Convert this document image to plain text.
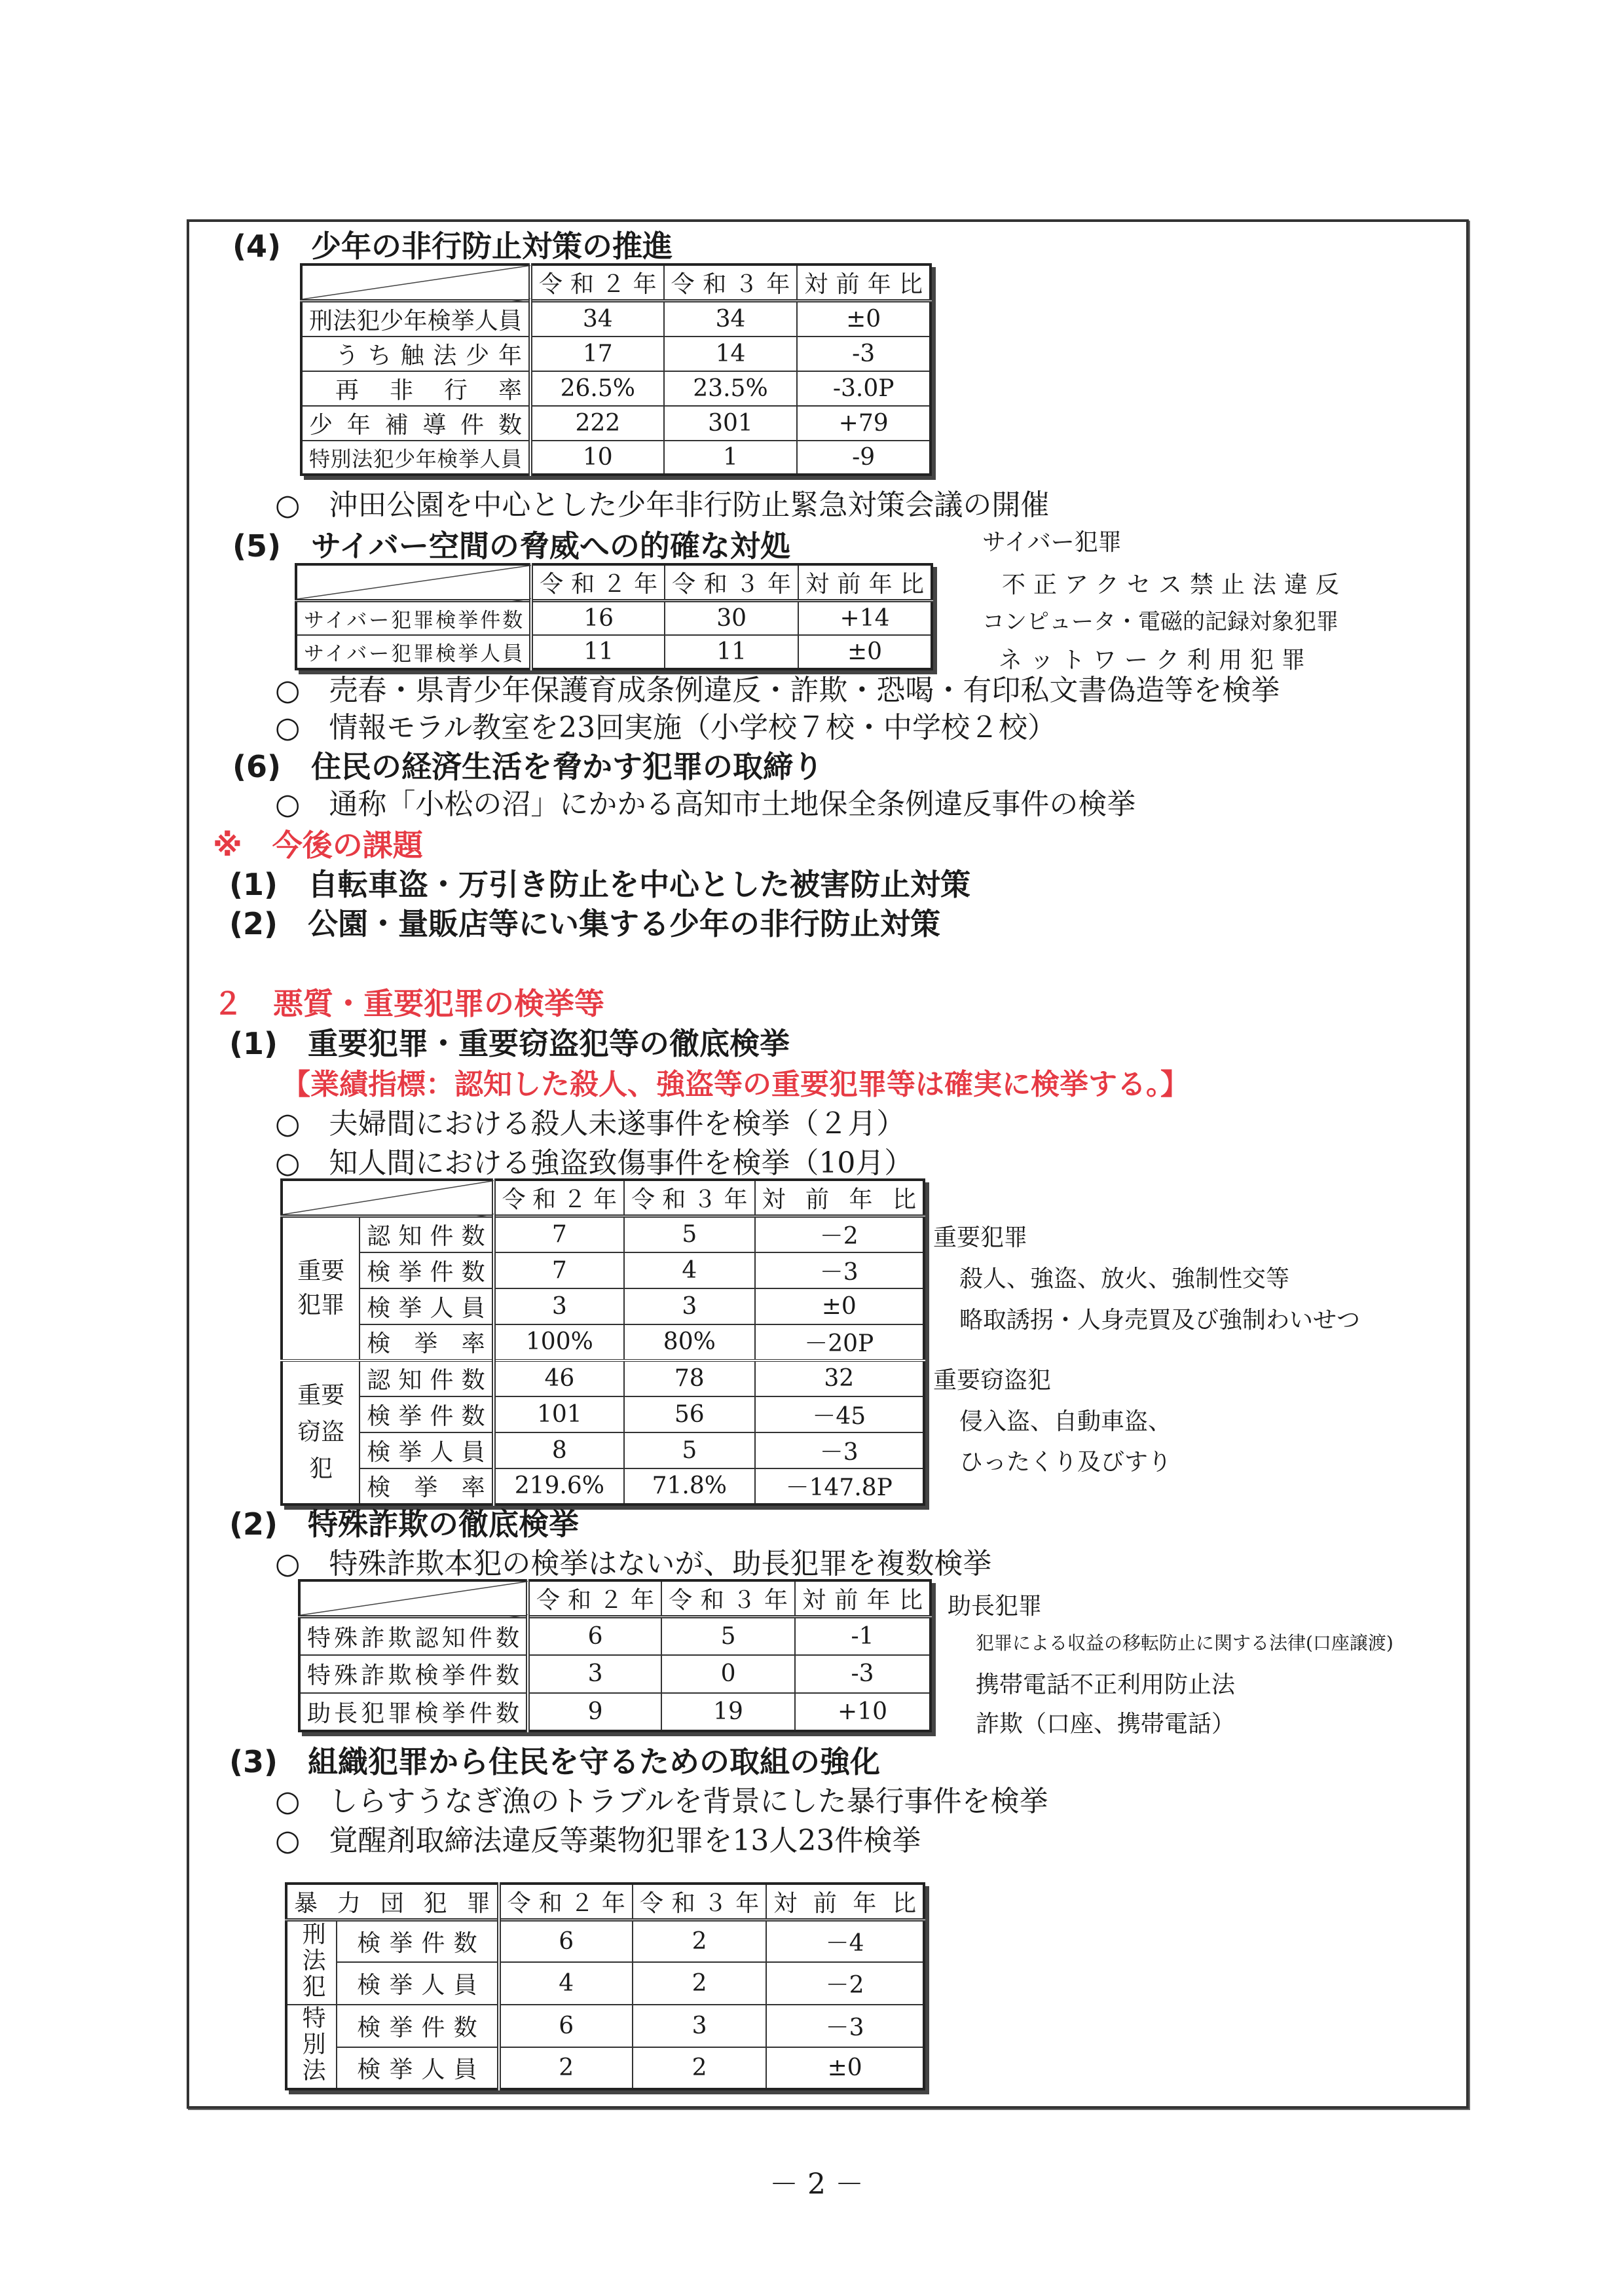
(4)　少年の非行防止対策の推進
	令和２年	令和３年	対前年比
刑法犯少年検挙人員	34	34	±0
うち触法少年	17	14	-3
再非行率	26.5%	23.5%	-3.0P
少年補導件数	222	301	+79
特別法犯少年検挙人員	10	1	-9
○　沖田公園を中心とした少年非行防止緊急対策会議の開催
(5)　サイバー空間の脅威への的確な対処
	令和２年	令和３年	対前年比
サイバー犯罪検挙件数	16	30	+14
サイバー犯罪検挙人員	11	11	±0
サイバー犯罪
不正アクセス禁止法違反
コンピュータ・電磁的記録対象犯罪
ネットワーク利用犯罪
○　売春・県青少年保護育成条例違反・詐欺・恐喝・有印私文書偽造等を検挙
○　情報モラル教室を23回実施（小学校７校・中学校２校）
(6)　住民の経済生活を脅かす犯罪の取締り
○　通称「小松の沼」にかかる高知市土地保全条例違反事件の検挙
※　今後の課題
(1)　自転車盗・万引き防止を中心とした被害防止対策
(2)　公園・量販店等にい集する少年の非行防止対策
２　悪質・重要犯罪の検挙等
(1)　重要犯罪・重要窃盗犯等の徹底検挙
【業績指標：認知した殺人、強盗等の重要犯罪等は確実に検挙する。】
○　夫婦間における殺人未遂事件を検挙（２月）
○　知人間における強盗致傷事件を検挙（10月）
		令和２年	令和３年	対前年比
重要犯罪	認知件数	7	5	－2
	検挙件数	7	4	－3
	検挙人員	3	3	±0
	検挙率	100%	80%	－20P
重要窃盗犯	認知件数	46	78	32
	検挙件数	101	56	－45
	検挙人員	8	5	－3
	検挙率	219.6%	71.8%	－147.8P
重要犯罪
殺人、強盗、放火、強制性交等
略取誘拐・人身売買及び強制わいせつ
重要窃盗犯
侵入盗、自動車盗、
ひったくり及びすり
(2)　特殊詐欺の徹底検挙
○　特殊詐欺本犯の検挙はないが、助長犯罪を複数検挙
	令和２年	令和３年	対前年比
特殊詐欺認知件数	6	5	-1
特殊詐欺検挙件数	3	0	-3
助長犯罪検挙件数	9	19	+10
助長犯罪
犯罪による収益の移転防止に関する法律(口座譲渡)
携帯電話不正利用防止法
詐欺（口座、携帯電話）
(3)　組織犯罪から住民を守るための取組の強化
○　しらすうなぎ漁のトラブルを背景にした暴行事件を検挙
○　覚醒剤取締法違反等薬物犯罪を13人23件検挙
暴力団犯罪		令和２年	令和３年	対前年比
刑法犯	検挙件数	6	2	－4
	検挙人員	4	2	－2
特別法	検挙件数	6	3	－3
	検挙人員	2	2	±0
－ 2 －
